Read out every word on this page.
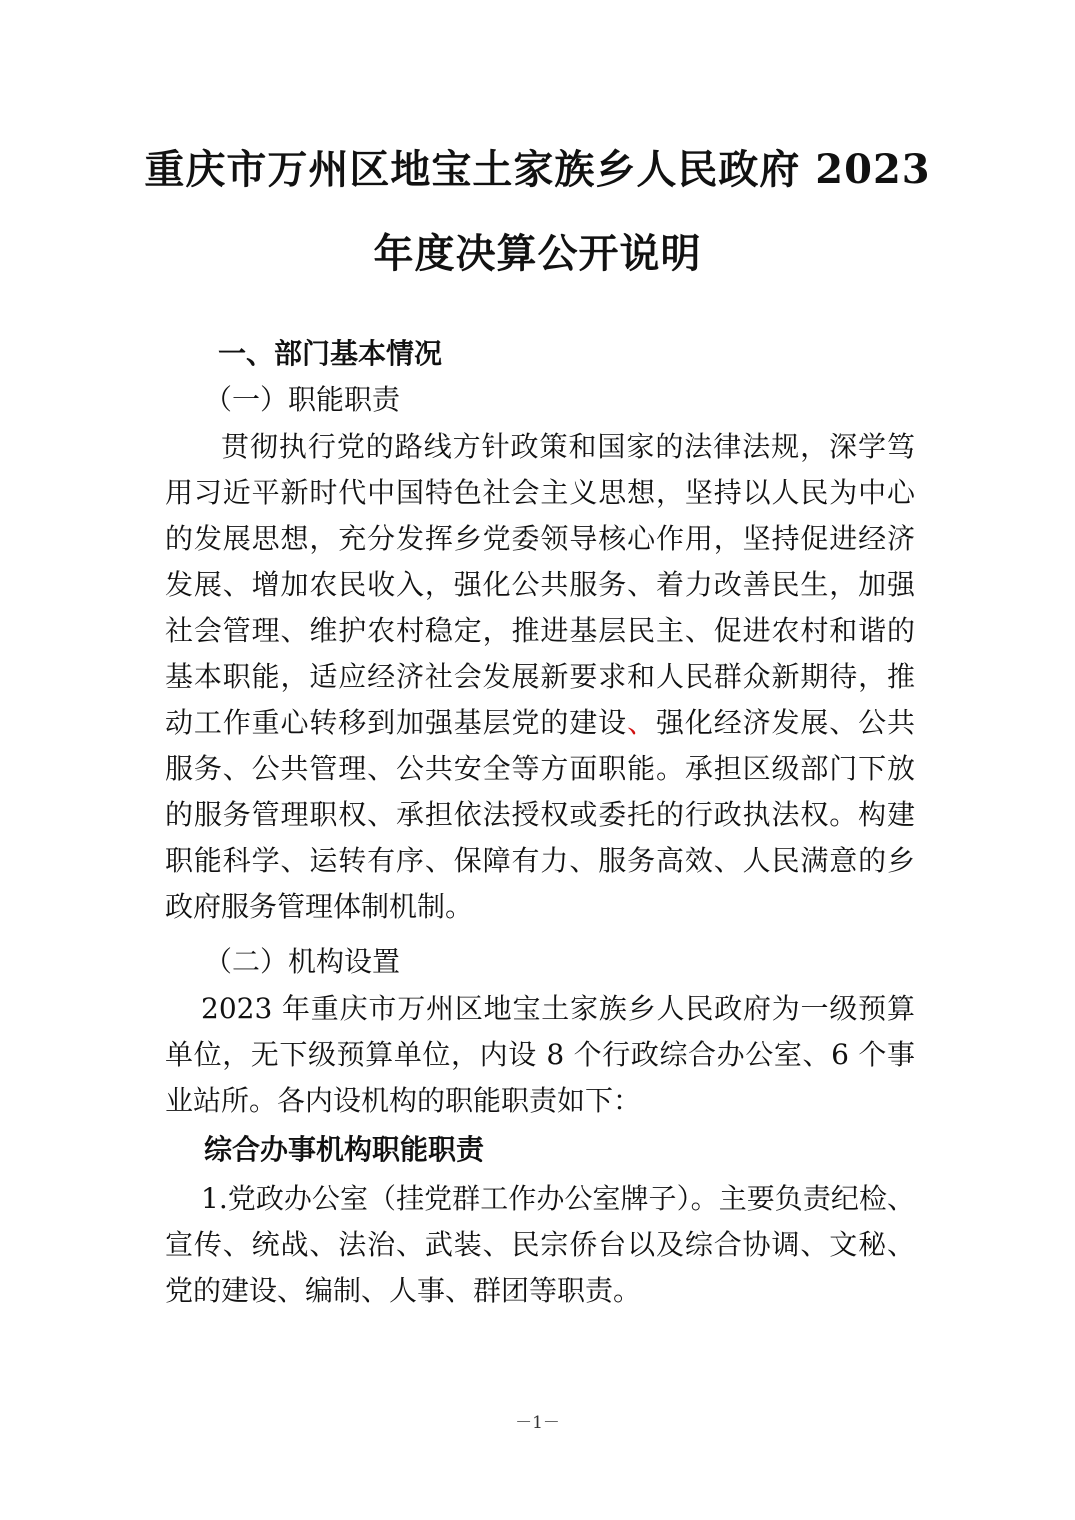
重庆市万州区地宝土家族乡人民政府 2023
年度决算公开说明
一、部门基本情况
（一）职能职责
贯彻执行党的路线方针政策和国家的法律法规，深学笃
用习近平新时代中国特色社会主义思想，坚持以人民为中心
的发展思想，充分发挥乡党委领导核心作用，坚持促进经济
发展、增加农民收入，强化公共服务、着力改善民生，加强
社会管理、维护农村稳定，推进基层民主、促进农村和谐的
基本职能，适应经济社会发展新要求和人民群众新期待，推
动工作重心转移到加强基层党的建设、强化经济发展、公共
服务、公共管理、公共安全等方面职能。承担区级部门下放
的服务管理职权、承担依法授权或委托的行政执法权。构建
职能科学、运转有序、保障有力、服务高效、人民满意的乡
政府服务管理体制机制。
（二）机构设置
2023 年重庆市万州区地宝土家族乡人民政府为一级预算
单位，无下级预算单位，内设 8 个行政综合办公室、6 个事
业站所。各内设机构的职能职责如下：
综合办事机构职能职责
1.党政办公室（挂党群工作办公室牌子）。主要负责纪检、
宣传、统战、法治、武装、民宗侨台以及综合协调、文秘、
党的建设、编制、人事、群团等职责。
－1－
